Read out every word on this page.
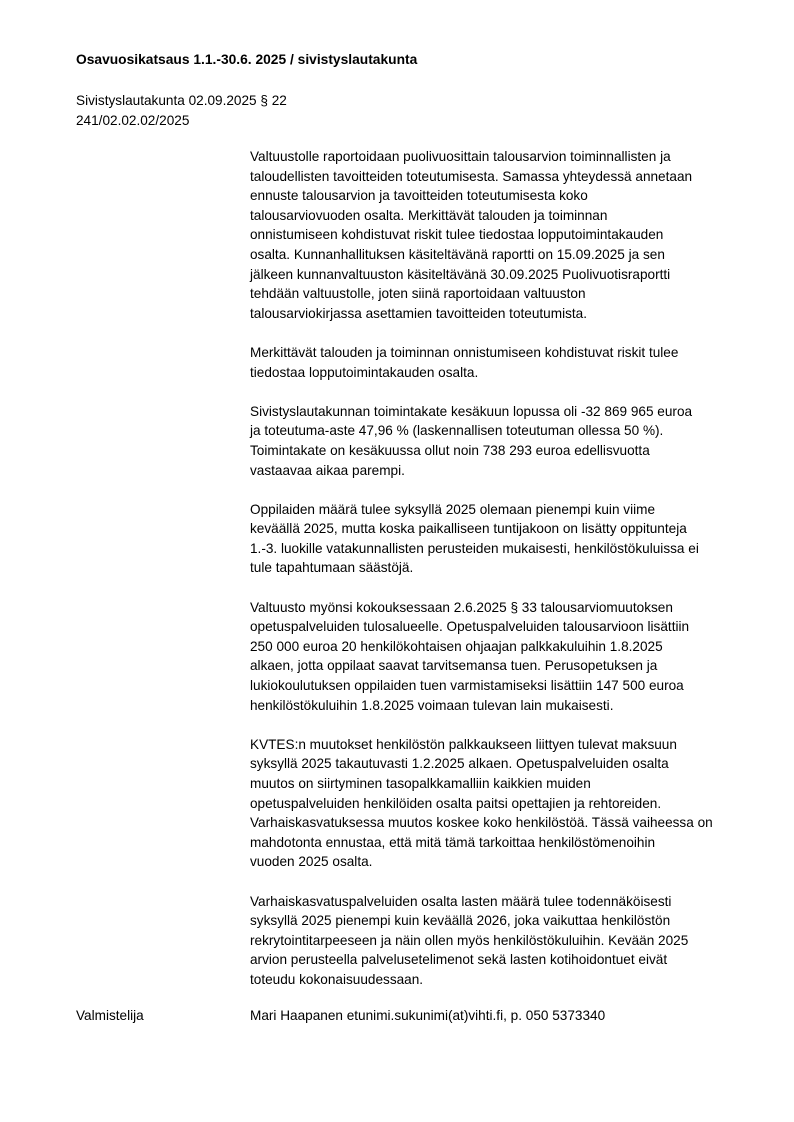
Osavuosikatsaus 1.1.-30.6. 2025 / sivistyslautakunta
Sivistyslautakunta 02.09.2025 § 22
241/02.02.02/2025
Valtuustolle raportoidaan puolivuosittain talousarvion toiminnallisten ja
taloudellisten tavoitteiden toteutumisesta. Samassa yhteydessä annetaan
ennuste talousarvion ja tavoitteiden toteutumisesta koko
talousarviovuoden osalta. Merkittävät talouden ja toiminnan
onnistumiseen kohdistuvat riskit tulee tiedostaa lopputoimintakauden
osalta. Kunnanhallituksen käsiteltävänä raportti on 15.09.2025 ja sen
jälkeen kunnanvaltuuston käsiteltävänä 30.09.2025 Puolivuotisraportti
tehdään valtuustolle, joten siinä raportoidaan valtuuston
talousarviokirjassa asettamien tavoitteiden toteutumista.
Merkittävät talouden ja toiminnan onnistumiseen kohdistuvat riskit tulee
tiedostaa lopputoimintakauden osalta.
Sivistyslautakunnan toimintakate kesäkuun lopussa oli -32 869 965 euroa
ja toteutuma-aste 47,96 % (laskennallisen toteutuman ollessa 50 %).
Toimintakate on kesäkuussa ollut noin 738 293 euroa edellisvuotta
vastaavaa aikaa parempi.
Oppilaiden määrä tulee syksyllä 2025 olemaan pienempi kuin viime
keväällä 2025, mutta koska paikalliseen tuntijakoon on lisätty oppitunteja
1.-3. luokille vatakunnallisten perusteiden mukaisesti, henkilöstökuluissa ei
tule tapahtumaan säästöjä.
Valtuusto myönsi kokouksessaan 2.6.2025 § 33 talousarviomuutoksen
opetuspalveluiden tulosalueelle. Opetuspalveluiden talousarvioon lisättiin
250 000 euroa 20 henkilökohtaisen ohjaajan palkkakuluihin 1.8.2025
alkaen, jotta oppilaat saavat tarvitsemansa tuen. Perusopetuksen ja
lukiokoulutuksen oppilaiden tuen varmistamiseksi lisättiin 147 500 euroa
henkilöstökuluihin 1.8.2025 voimaan tulevan lain mukaisesti.
KVTES:n muutokset henkilöstön palkkaukseen liittyen tulevat maksuun
syksyllä 2025 takautuvasti 1.2.2025 alkaen. Opetuspalveluiden osalta
muutos on siirtyminen tasopalkkamalliin kaikkien muiden
opetuspalveluiden henkilöiden osalta paitsi opettajien ja rehtoreiden.
Varhaiskasvatuksessa muutos koskee koko henkilöstöä. Tässä vaiheessa on
mahdotonta ennustaa, että mitä tämä tarkoittaa henkilöstömenoihin
vuoden 2025 osalta.
Varhaiskasvatuspalveluiden osalta lasten määrä tulee todennäköisesti
syksyllä 2025 pienempi kuin keväällä 2026, joka vaikuttaa henkilöstön
rekrytointitarpeeseen ja näin ollen myös henkilöstökuluihin. Kevään 2025
arvion perusteella palvelusetelimenot sekä lasten kotihoidontuet eivät
toteudu kokonaisuudessaan.
Valmistelija	Mari Haapanen etunimi.sukunimi(at)vihti.fi, p. 050 5373340
